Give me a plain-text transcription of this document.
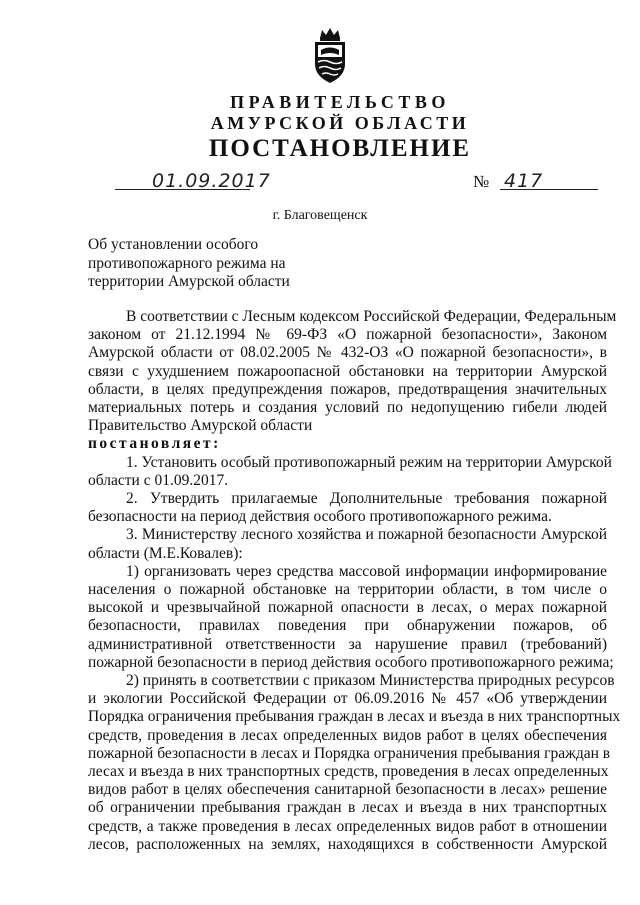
ПРАВИТЕЛЬСТВО
АМУРСКОЙ ОБЛАСТИ
ПОСТАНОВЛЕНИЕ
01.09.2017	№ 417
г. Благовещенск
Об установлении особого
противопожарного режима на
территории Амурской области
В соответствии с Лесным кодексом Российской Федерации, Федеральным
законом от 21.12.1994 № 69-ФЗ «О пожарной безопасности», Законом
Амурской области от 08.02.2005 № 432-ОЗ «О пожарной безопасности», в
связи с ухудшением пожароопасной обстановки на территории Амурской
области, в целях предупреждения пожаров, предотвращения значительных
материальных потерь и создания условий по недопущению гибели людей
Правительство Амурской области
постановляет:
1. Установить особый противопожарный режим на территории Амурской
области с 01.09.2017.
2. Утвердить прилагаемые Дополнительные требования пожарной
безопасности на период действия особого противопожарного режима.
3. Министерству лесного хозяйства и пожарной безопасности Амурской
области (М.Е.Ковалев):
1) организовать через средства массовой информации информирование
населения о пожарной обстановке на территории области, в том числе о
высокой и чрезвычайной пожарной опасности в лесах, о мерах пожарной
безопасности, правилах поведения при обнаружении пожаров, об
административной ответственности за нарушение правил (требований)
пожарной безопасности в период действия особого противопожарного режима;
2) принять в соответствии с приказом Министерства природных ресурсов
и экологии Российской Федерации от 06.09.2016 № 457 «Об утверждении
Порядка ограничения пребывания граждан в лесах и въезда в них транспортных
средств, проведения в лесах определенных видов работ в целях обеспечения
пожарной безопасности в лесах и Порядка ограничения пребывания граждан в
лесах и въезда в них транспортных средств, проведения в лесах определенных
видов работ в целях обеспечения санитарной безопасности в лесах» решение
об ограничении пребывания граждан в лесах и въезда в них транспортных
средств, а также проведения в лесах определенных видов работ в отношении
лесов, расположенных на землях, находящихся в собственности Амурской
